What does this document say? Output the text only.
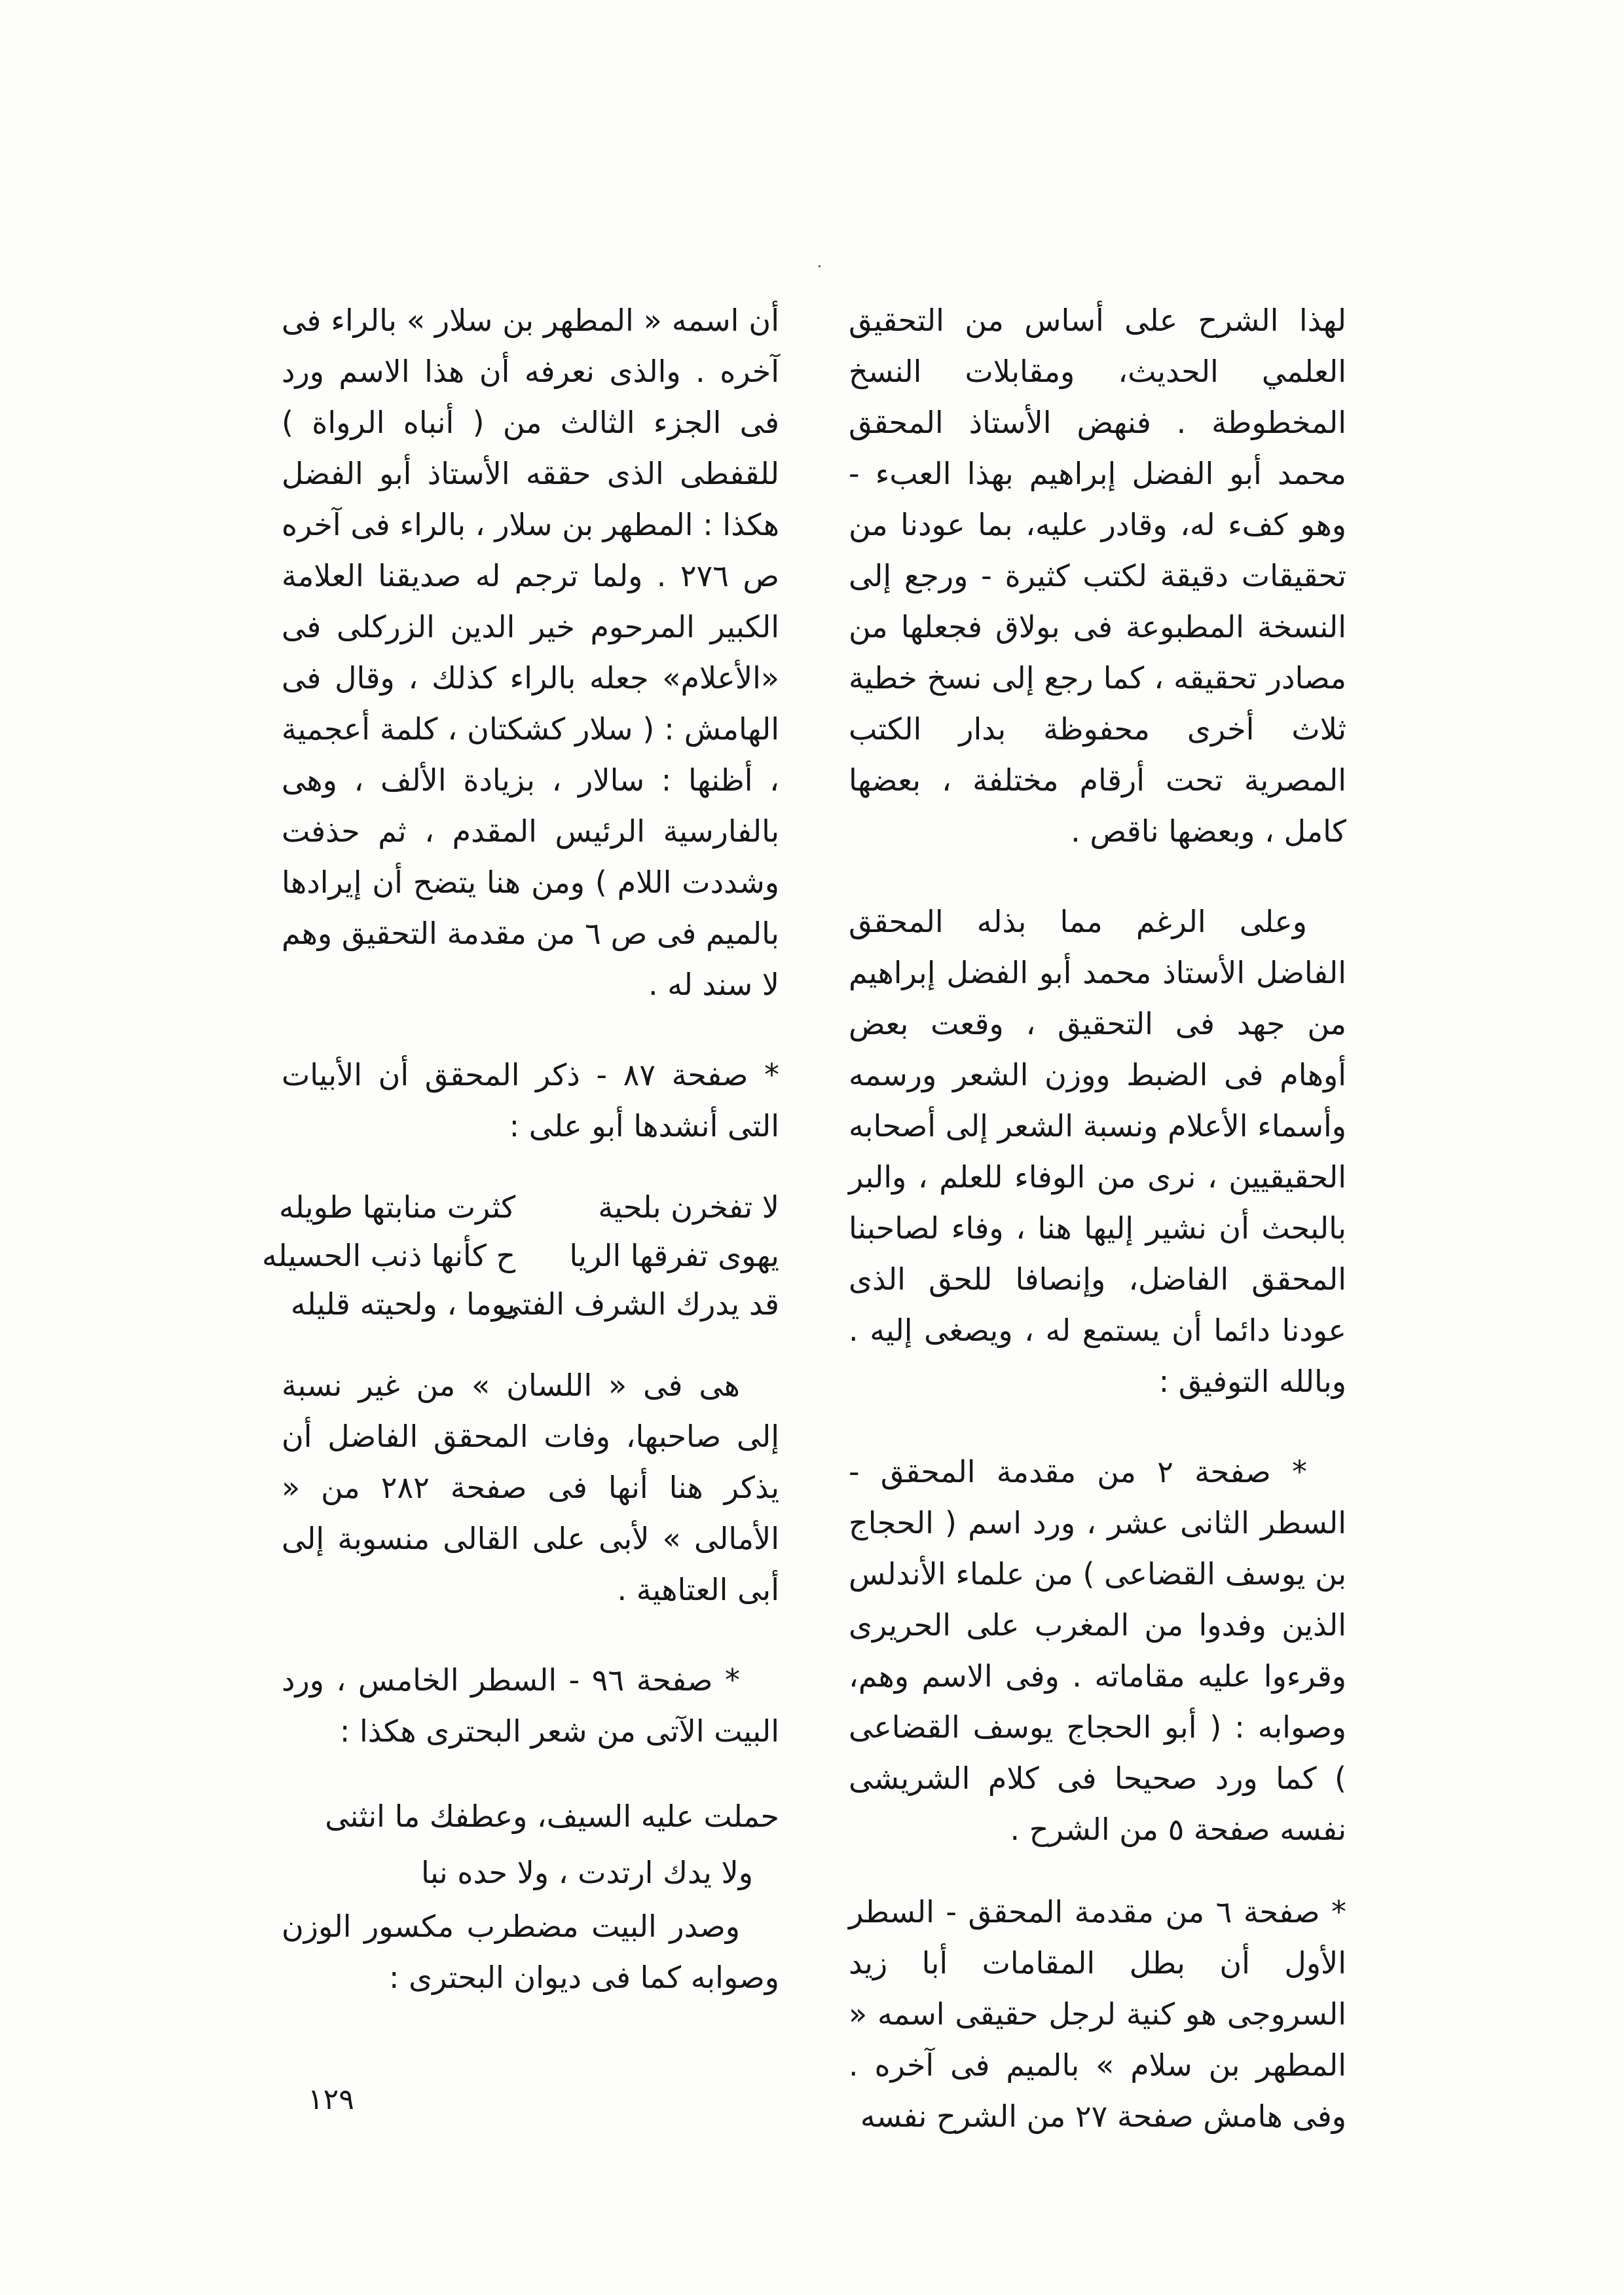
لهذا الشرح على أساس من التحقيق العلمي الحديث، ومقابلات النسخ المخطوطة . فنهض الأستاذ المحقق محمد أبو الفضل إبراهيم بهذا العبء - وهو كفء له، وقادر عليه، بما عودنا من تحقيقات دقيقة لكتب كثيرة - ورجع إلى النسخة المطبوعة فى بولاق فجعلها من مصادر تحقيقه ، كما رجع إلى نسخ خطية ثلاث أخرى محفوظة بدار الكتب المصرية تحت أرقام مختلفة ، بعضها كامل ، وبعضها ناقص .

وعلى الرغم مما بذله المحقق الفاضل الأستاذ محمد أبو الفضل إبراهيم من جهد فى التحقيق ، وقعت بعض أوهام فى الضبط ووزن الشعر ورسمه وأسماء الأعلام ونسبة الشعر إلى أصحابه الحقيقيين ، نرى من الوفاء للعلم ، والبر بالبحث أن نشير إليها هنا ، وفاء لصاحبنا المحقق الفاضل، وإنصافا للحق الذى عودنا دائما أن يستمع له ، ويصغى إليه . وبالله التوفيق :

* صفحة ٢ من مقدمة المحقق - السطر الثانى عشر ، ورد اسم ( الحجاج بن يوسف القضاعى ) من علماء الأندلس الذين وفدوا من المغرب على الحريرى وقرءوا عليه مقاماته . وفى الاسم وهم، وصوابه : ( أبو الحجاج يوسف القضاعى ) كما ورد صحيحا فى كلام الشريشى نفسه صفحة ٥ من الشرح .

* صفحة ٦ من مقدمة المحقق - السطر الأول أن بطل المقامات أبا زيد السروجى هو كنية لرجل حقيقى اسمه « المطهر بن سلام » بالميم فى آخره . وفى هامش صفحة ٢٧ من الشرح نفسه

أن اسمه « المطهر بن سلار » بالراء فى آخره . والذى نعرفه أن هذا الاسم ورد فى الجزء الثالث من ( أنباه الرواة ) للقفطى الذى حققه الأستاذ أبو الفضل هكذا : المطهر بن سلار ، بالراء فى آخره ص ٢٧٦ . ولما ترجم له صديقنا العلامة الكبير المرحوم خير الدين الزركلى فى «الأعلام» جعله بالراء كذلك ، وقال فى الهامش : ( سلار كشكتان ، كلمة أعجمية ، أظنها : سالار ، بزيادة الألف ، وهى بالفارسية الرئيس المقدم ، ثم حذفت وشددت اللام ) ومن هنا يتضح أن إيرادها بالميم فى ص ٦ من مقدمة التحقيق وهم لا سند له .

* صفحة ٨٧ - ذكر المحقق أن الأبيات التى أنشدها أبو على :

لا تفخرن بلحية
كثرت منابتها طويله
يهوى تفرقها الريا
ح كأنها ذنب الحسيله
قد يدرك الشرف الفتى
يوما ، ولحيته قليله

هى فى « اللسان » من غير نسبة إلى صاحبها، وفات المحقق الفاضل أن يذكر هنا أنها فى صفحة ٢٨٢ من « الأمالى » لأبى على القالى منسوبة إلى أبى العتاهية .

* صفحة ٩٦ - السطر الخامس ، ورد البيت الآتى من شعر البحترى هكذا :

حملت عليه السيف، وعطفك ما انثنى
ولا يدك ارتدت ، ولا حده نبا

وصدر البيت مضطرب مكسور الوزن وصوابه كما فى ديوان البحترى :

١٢٩
